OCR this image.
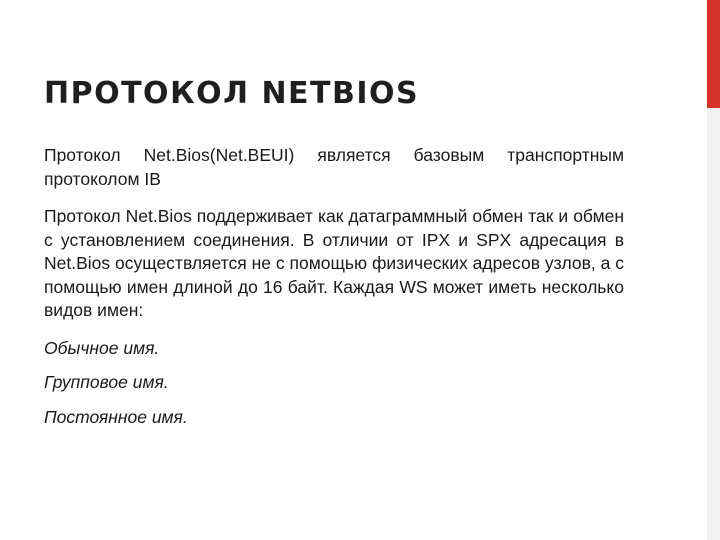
ПРОТОКОЛ NETBIOS

Протокол Net.Bios(Net.BEUI) является базовым транспортным протоколом IB

Протокол Net.Bios поддерживает как датаграммный обмен так и обмен с установлением соединения. В отличии от IPX и SPX адресация в Net.Bios осуществляется не с помощью физических адресов узлов, а с помощью имен длиной до 16 байт. Каждая WS может иметь несколько видов имен:

Обычное имя.

Групповое имя.

Постоянное имя.
